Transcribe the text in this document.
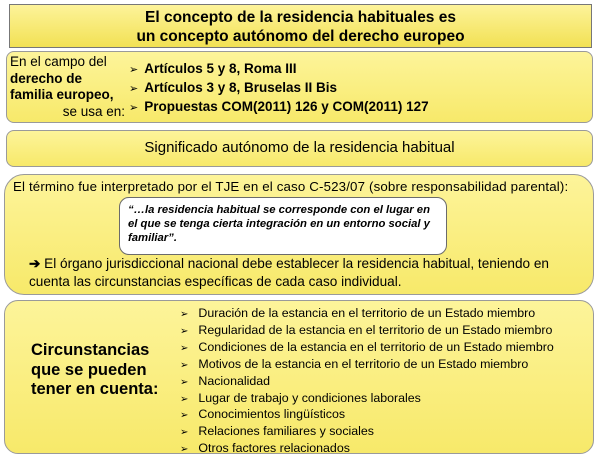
El concepto de la residencia habituales es
un concepto autónomo del derecho europeo
En el campo del
derecho de
familia europeo,
se usa en:
➢ Artículos 5 y 8, Roma III
➢ Artículos 3 y 8, Bruselas II Bis
➢ Propuestas COM(2011) 126 y COM(2011) 127
Significado autónomo de la residencia habitual
El término fue interpretado por el TJE en el caso C-523/07 (sobre responsabilidad parental):
“…la residencia habitual se corresponde con el lugar en el que se tenga cierta integración en un entorno social y familiar”.
➔ El órgano jurisdiccional nacional debe establecer la residencia habitual, teniendo en cuenta las circunstancias específicas de cada caso individual.
Circunstancias
que se pueden
tener en cuenta:
➢ Duración de la estancia en el territorio de un Estado miembro
➢ Regularidad de la estancia en el territorio de un Estado miembro
➢ Condiciones de la estancia en el territorio de un Estado miembro
➢ Motivos de la estancia en el territorio de un Estado miembro
➢ Nacionalidad
➢ Lugar de trabajo y condiciones laborales
➢ Conocimientos lingüísticos
➢ Relaciones familiares y sociales
➢ Otros factores relacionados
